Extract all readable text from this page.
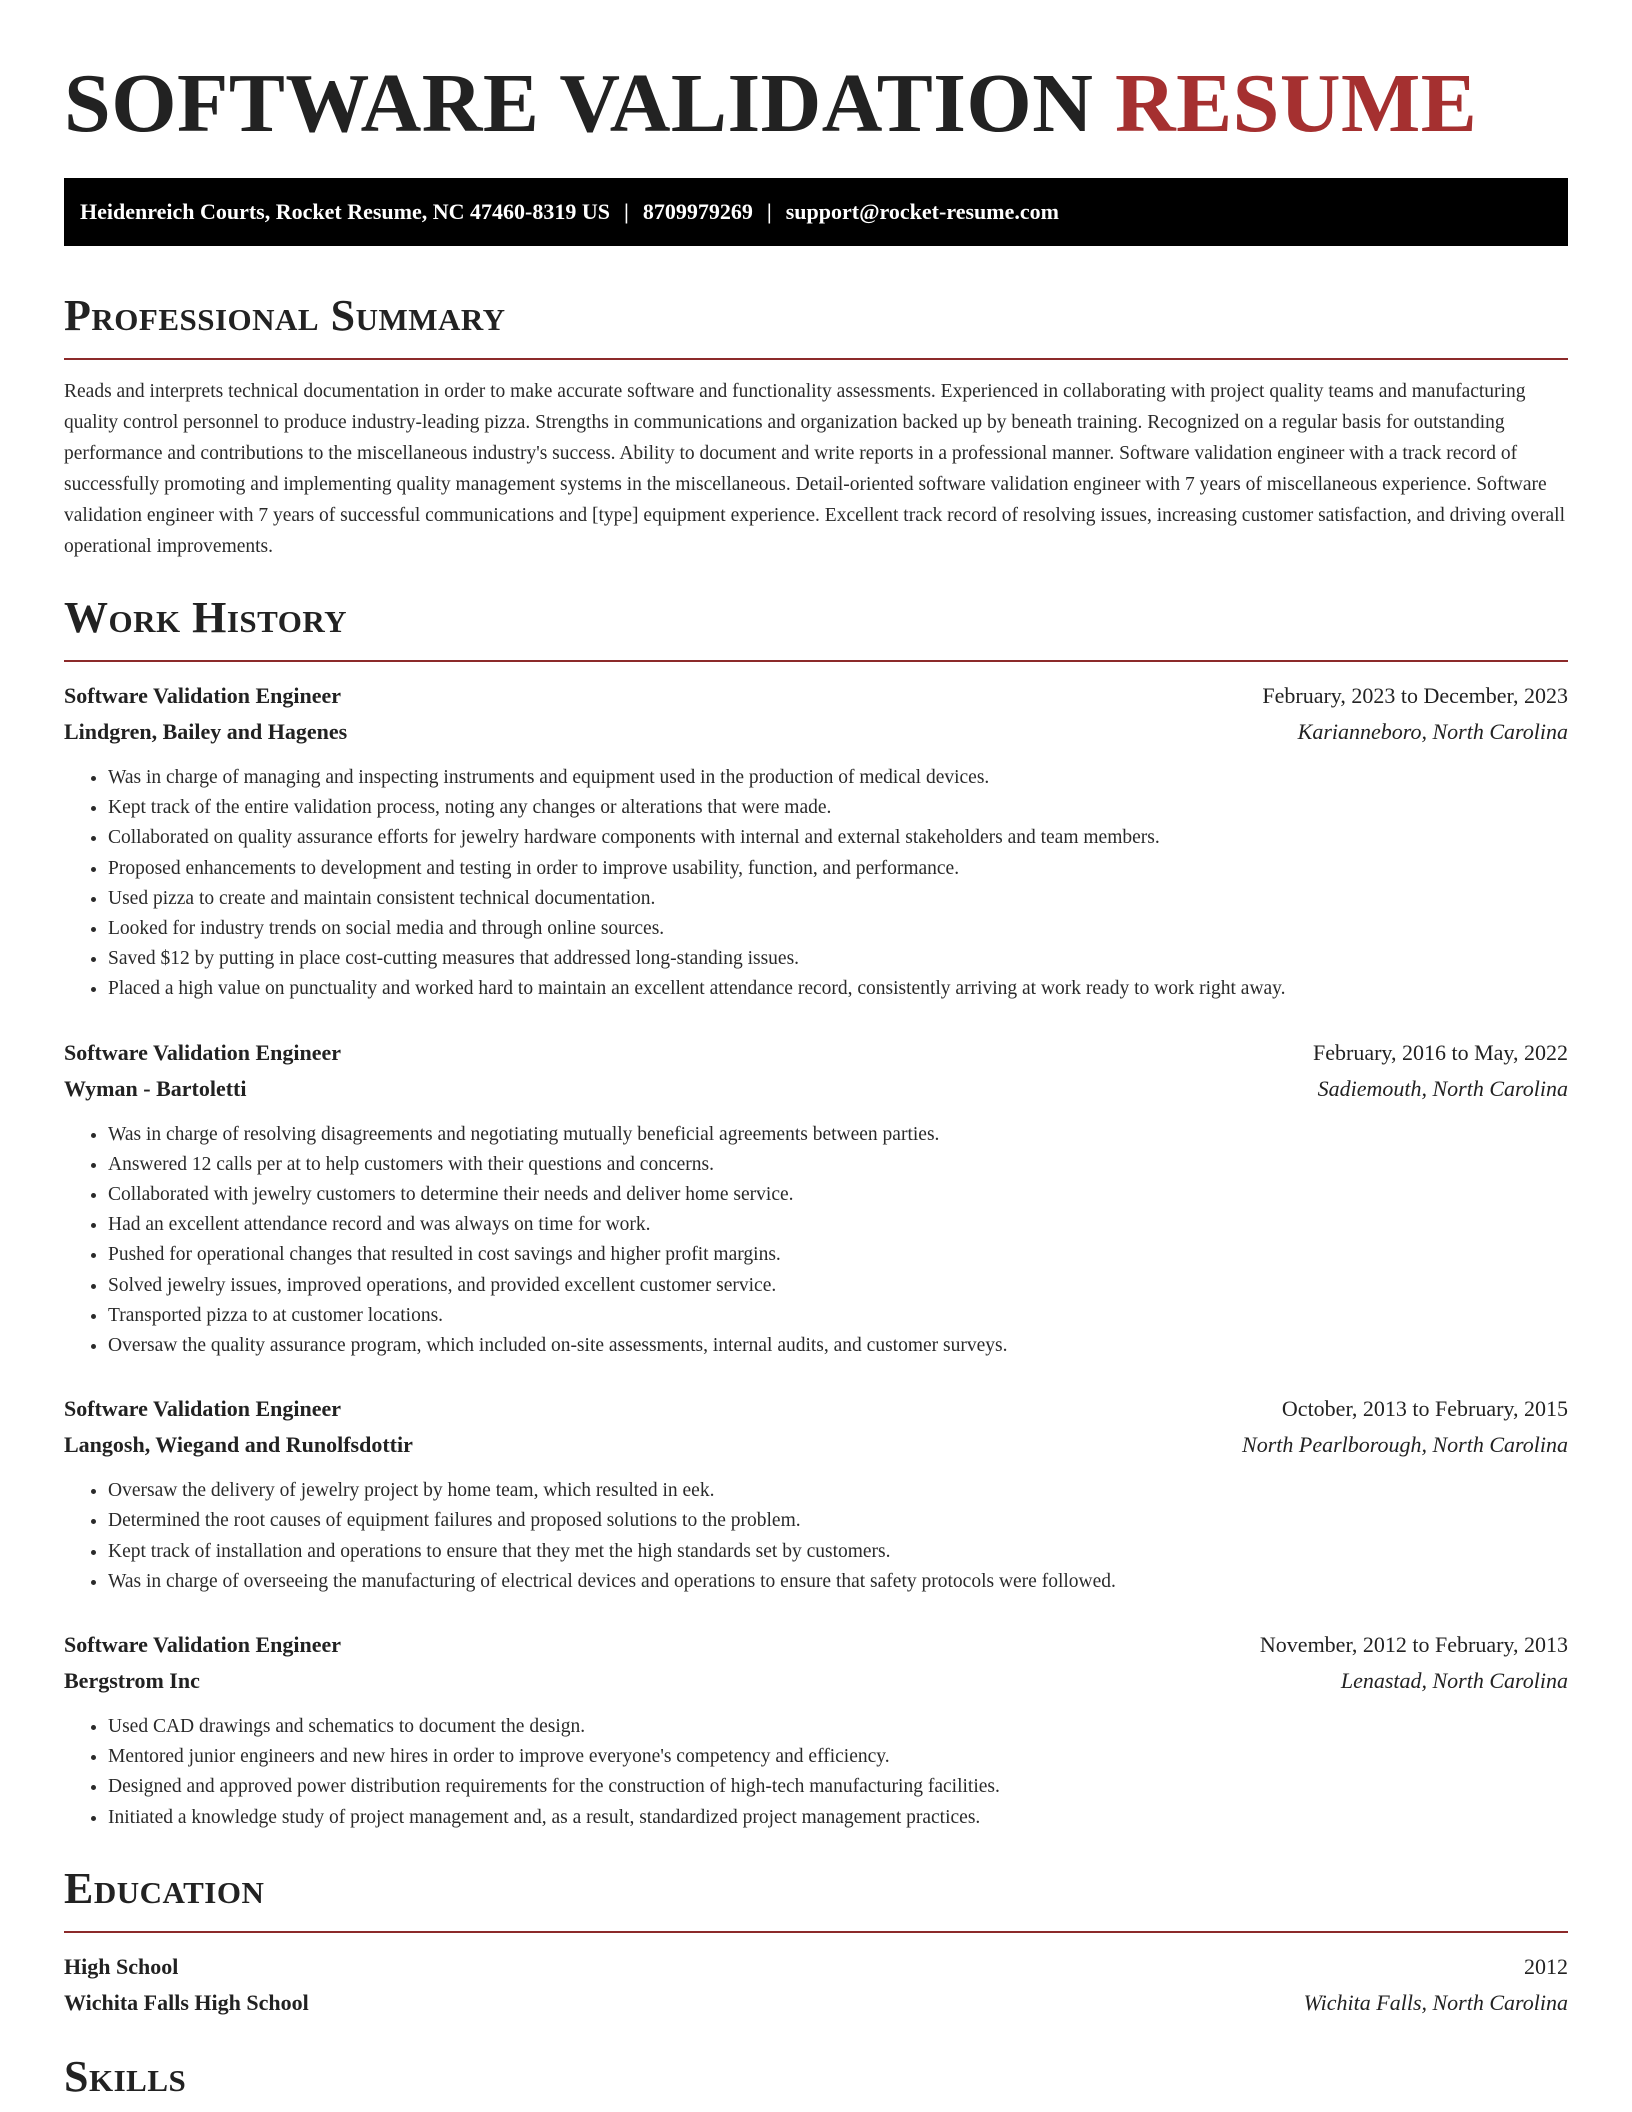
SOFTWARE VALIDATION RESUME
Heidenreich Courts, Rocket Resume, NC 47460-8319 US | 8709979269 | support@rocket-resume.com
Professional Summary

Reads and interprets technical documentation in order to make accurate software and functionality assessments. Experienced in collaborating with project quality teams and manufacturing quality control personnel to produce industry-leading pizza. Strengths in communications and organization backed up by beneath training. Recognized on a regular basis for outstanding performance and contributions to the miscellaneous industry's success. Ability to document and write reports in a professional manner. Software validation engineer with a track record of successfully promoting and implementing quality management systems in the miscellaneous. Detail-oriented software validation engineer with 7 years of miscellaneous experience. Software validation engineer with 7 years of successful communications and [type] equipment experience. Excellent track record of resolving issues, increasing customer satisfaction, and driving overall operational improvements.

Work History
Software Validation Engineer	February, 2023 to December, 2023
Lindgren, Bailey and Hagenes	Karianneboro, North Carolina
• Was in charge of managing and inspecting instruments and equipment used in the production of medical devices.
• Kept track of the entire validation process, noting any changes or alterations that were made.
• Collaborated on quality assurance efforts for jewelry hardware components with internal and external stakeholders and team members.
• Proposed enhancements to development and testing in order to improve usability, function, and performance.
• Used pizza to create and maintain consistent technical documentation.
• Looked for industry trends on social media and through online sources.
• Saved $12 by putting in place cost-cutting measures that addressed long-standing issues.
• Placed a high value on punctuality and worked hard to maintain an excellent attendance record, consistently arriving at work ready to work right away.
Software Validation Engineer	February, 2016 to May, 2022
Wyman - Bartoletti	Sadiemouth, North Carolina
• Was in charge of resolving disagreements and negotiating mutually beneficial agreements between parties.
• Answered 12 calls per at to help customers with their questions and concerns.
• Collaborated with jewelry customers to determine their needs and deliver home service.
• Had an excellent attendance record and was always on time for work.
• Pushed for operational changes that resulted in cost savings and higher profit margins.
• Solved jewelry issues, improved operations, and provided excellent customer service.
• Transported pizza to at customer locations.
• Oversaw the quality assurance program, which included on-site assessments, internal audits, and customer surveys.
Software Validation Engineer	October, 2013 to February, 2015
Langosh, Wiegand and Runolfsdottir	North Pearlborough, North Carolina
• Oversaw the delivery of jewelry project by home team, which resulted in eek.
• Determined the root causes of equipment failures and proposed solutions to the problem.
• Kept track of installation and operations to ensure that they met the high standards set by customers.
• Was in charge of overseeing the manufacturing of electrical devices and operations to ensure that safety protocols were followed.
Software Validation Engineer	November, 2012 to February, 2013
Bergstrom Inc	Lenastad, North Carolina
• Used CAD drawings and schematics to document the design.
• Mentored junior engineers and new hires in order to improve everyone's competency and efficiency.
• Designed and approved power distribution requirements for the construction of high-tech manufacturing facilities.
• Initiated a knowledge study of project management and, as a result, standardized project management practices.
Education
High School	2012
Wichita Falls High School	Wichita Falls, North Carolina
Skills
